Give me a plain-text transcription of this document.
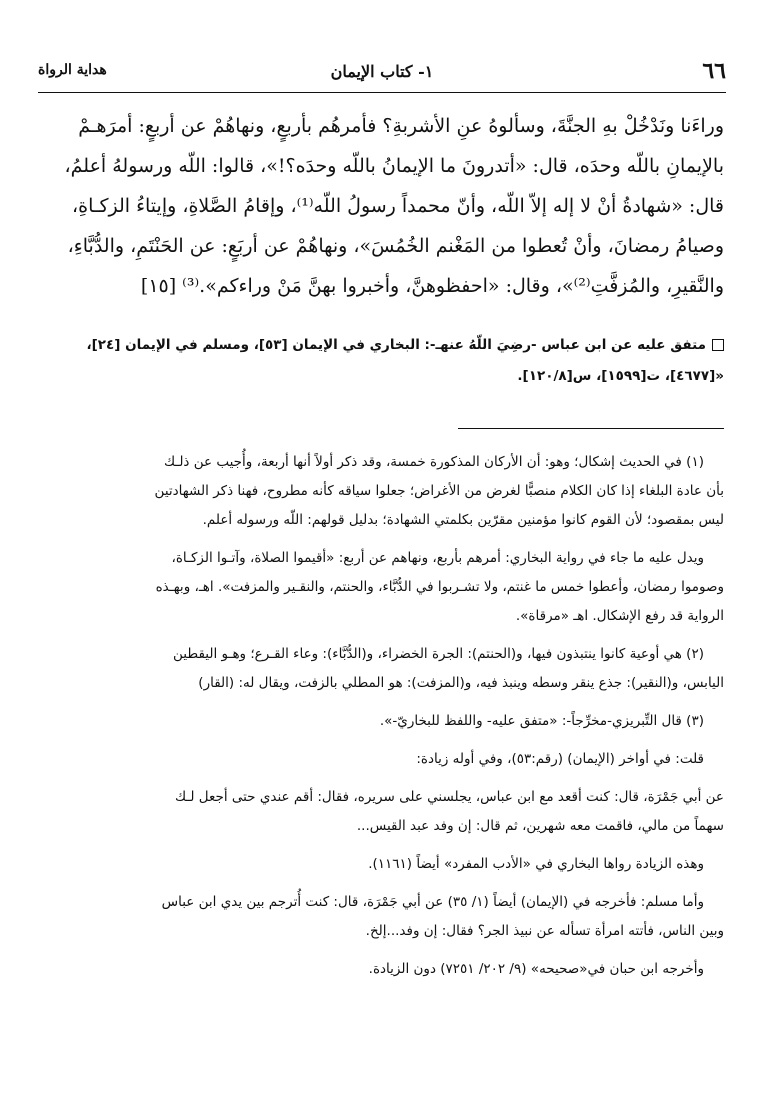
٦٦
١- كتاب الإيمان
هداية الرواة
وراءَنا ونَدْخُلْ بهِ الجنَّةَ، وسألوهُ عنِ الأشربةِ؟ فأمرهُم بأربعٍ، ونهاهُمْ عن أربعٍ: أمرَهـمْ
بالإيمانِ باللّه وحدَه، قال: «أتدرونَ ما الإيمانُ باللّه وحدَه؟!»، قالوا: اللّه ورسولهُ أعلمُ،
قال: «شهادةُ أنْ لا إله إلاّ اللّه، وأنّ محمداً رسولُ اللّه⁽¹⁾، وإقامُ الصَّلاةِ، وإيتاءُ الزكـاةِ،
وصيامُ رمضانَ، وأنْ تُعطوا من المَغْنم الخُمُسَ»، ونهاهُمْ عن أربَعٍ: عن الحَنْتَمِ، والدُّبَّاءِ،
والنَّقيرِ، والمُزفَّتِ⁽²⁾»، وقال: «احفظوهنَّ، وأخبروا بهنَّ مَنْ وراءكم».⁽³⁾ [١٥]
متفق عليه عن ابن عباس -رضِيَ اللّهُ عنهـ-: البخاري في الإيمان [٥٣]، ومسلم في الإيمان [٢٤]،
«[٤٦٧٧]، ت[١٥٩٩]، س[١٢٠/٨].
(١) في الحديث إشكال؛ وهو: أن الأركان المذكورة خمسة، وقد ذكر أولاً أنها أربعة، وأُجيب عن ذلـك
بأن عادة البلغاء إذا كان الكلام منصبًّا لغرض من الأغراض؛ جعلوا سياقه كأنه مطروح، فهنا ذكر الشهادتين
ليس بمقصود؛ لأن القوم كانوا مؤمنين مقرّين بكلمتي الشهادة؛ بدليل قولهم: اللّه ورسوله أعلم.
ويدل عليه ما جاء في رواية البخاري: أمرهم بأربع، ونهاهم عن أربع: «أقيموا الصلاة، وآتـوا الزكـاة،
وصوموا رمضان، وأعطوا خمس ما غنتم، ولا تشـربوا في الدُّبَّاء، والحنتم، والنقـير والمزفت». اهـ، وبهـذه
الرواية قد رفع الإشكال. اهـ «مرقاة».
(٢) هي أوعية كانوا ينتبذون فيها، و(الحنتم): الجرة الخضراء، و(الدُّبَّاء): وعاء القـرع؛ وهـو اليقطين
اليابس، و(النقير): جذع ينقر وسطه وينبذ فيه، و(المزفت): هو المطلي بالزفت، ويقال له: (القار)
(٣) قال التِّبريزي-مخرِّجاً-: «متفق عليه- واللفظ للبخاريّ-».
قلت: في أواخر (الإيمان) (رقم:٥٣)، وفي أوله زيادة:
عن أبي جَمْرَة، قال: كنت أقعد مع ابن عباس، يجلسني على سريره، فقال: أقم عندي حتى أجعل لـك
سهماً من مالي، فاقمت معه شهرين، ثم قال: إن وفد عبد القيس...
وهذه الزيادة رواها البخاري في «الأدب المفرد» أيضاً (١١٦١).
وأما مسلم: فأخرجه في (الإيمان) أيضاً (١/ ٣٥) عن أبي جَمْرَة، قال: كنت أُترجم بين يدي ابن عباس
وبين الناس، فأتته امرأة تسأله عن نبيذ الجر؟ فقال: إن وفد...إلخ.
وأخرجه ابن حبان في«صحيحه» (٩/ ٢٠٢/ ٧٢٥١) دون الزيادة.
